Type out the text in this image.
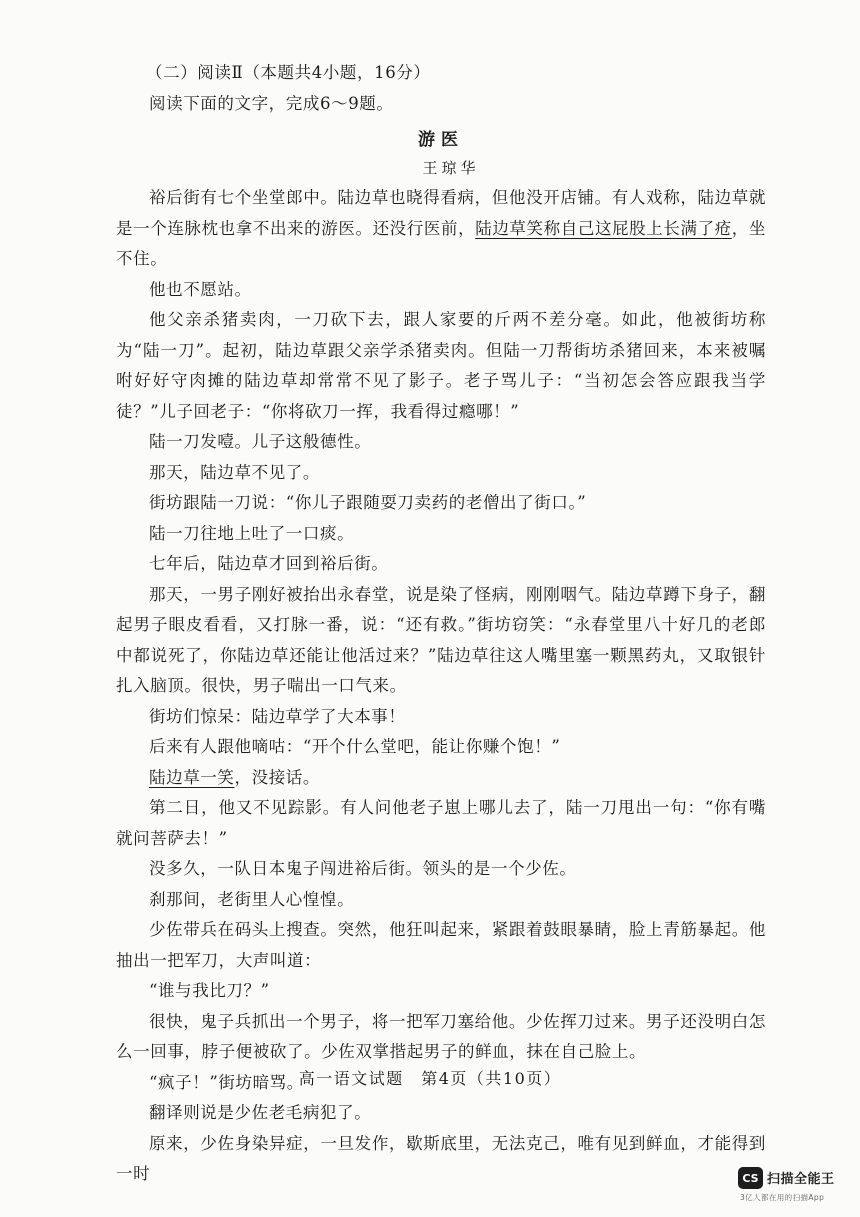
（二）阅读Ⅱ（本题共4小题，16分）

阅读下面的文字，完成6～9题。

游医

王琼华

裕后街有七个坐堂郎中。陆边草也晓得看病，但他没开店铺。有人戏称，陆边草就是一个连脉枕也拿不出来的游医。还没行医前，陆边草笑称自己这屁股上长满了疮，坐不住。

他也不愿站。

他父亲杀猪卖肉，一刀砍下去，跟人家要的斤两不差分毫。如此，他被街坊称为“陆一刀”。起初，陆边草跟父亲学杀猪卖肉。但陆一刀帮街坊杀猪回来，本来被嘱咐好好守肉摊的陆边草却常常不见了影子。老子骂儿子：“当初怎会答应跟我当学徒？”儿子回老子：“你将砍刀一挥，我看得过瘾哪！”

陆一刀发噎。儿子这般德性。

那天，陆边草不见了。

街坊跟陆一刀说：“你儿子跟随耍刀卖药的老僧出了街口。”

陆一刀往地上吐了一口痰。

七年后，陆边草才回到裕后街。

那天，一男子刚好被抬出永春堂，说是染了怪病，刚刚咽气。陆边草蹲下身子，翻起男子眼皮看看，又打脉一番，说：“还有救。”街坊窃笑：“永春堂里八十好几的老郎中都说死了，你陆边草还能让他活过来？”陆边草往这人嘴里塞一颗黑药丸，又取银针扎入脑顶。很快，男子喘出一口气来。

街坊们惊呆：陆边草学了大本事！

后来有人跟他嘀咕：“开个什么堂吧，能让你赚个饱！”

陆边草一笑，没接话。

第二日，他又不见踪影。有人问他老子崽上哪儿去了，陆一刀甩出一句：“你有嘴就问菩萨去！”

没多久，一队日本鬼子闯进裕后街。领头的是一个少佐。

刹那间，老街里人心惶惶。

少佐带兵在码头上搜查。突然，他狂叫起来，紧跟着鼓眼暴睛，脸上青筋暴起。他抽出一把军刀，大声叫道：

“谁与我比刀？”

很快，鬼子兵抓出一个男子，将一把军刀塞给他。少佐挥刀过来。男子还没明白怎么一回事，脖子便被砍了。少佐双掌揩起男子的鲜血，抹在自己脸上。

“疯子！”街坊暗骂。

翻译则说是少佐老毛病犯了。

原来，少佐身染异症，一旦发作，歇斯底里，无法克己，唯有见到鲜血，才能得到一时

高一语文试题　第4页（共10页）
CS 扫描全能王
3亿人都在用的扫描App
